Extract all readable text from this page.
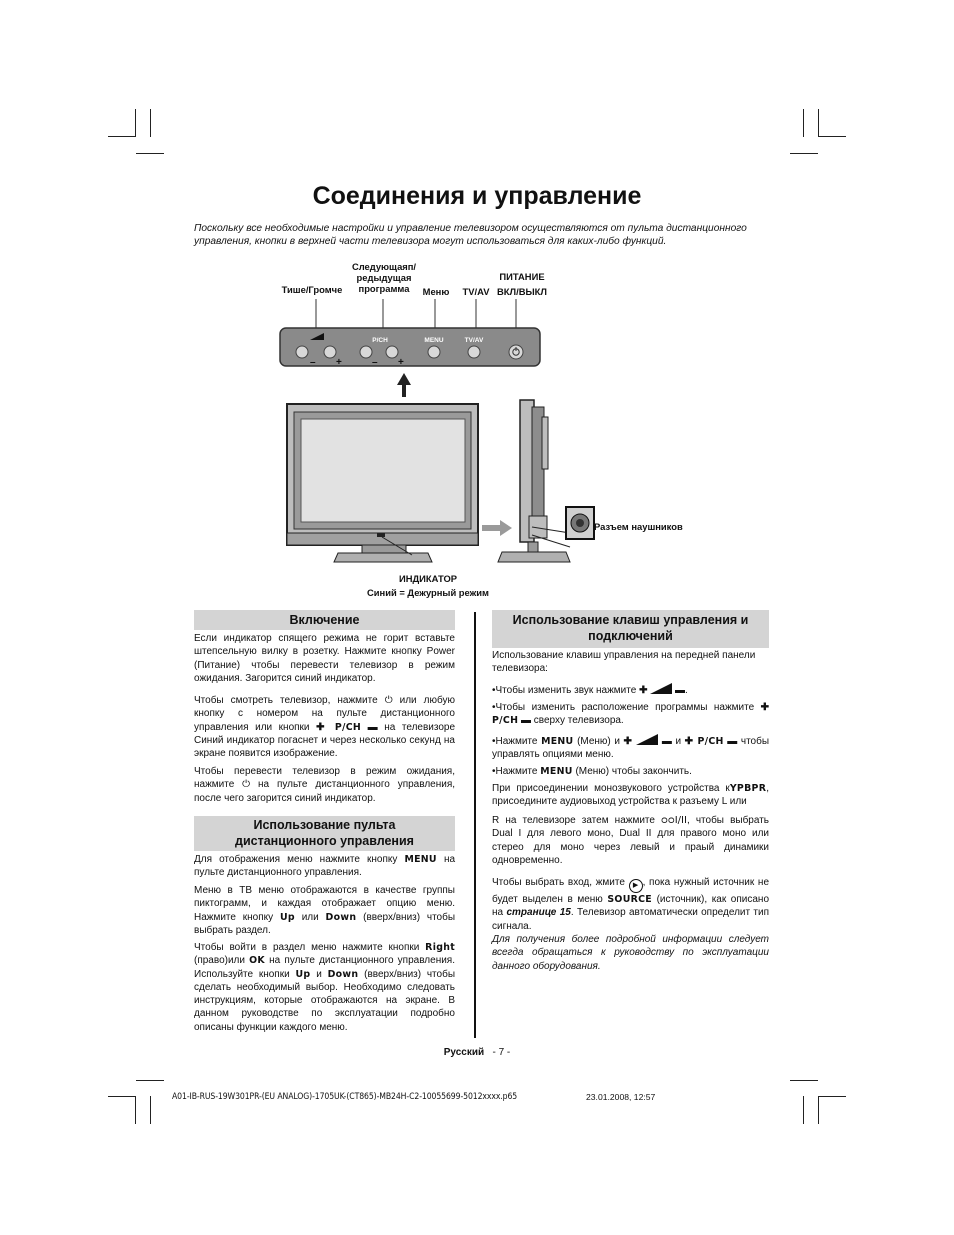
Соединения и управление
Поскольку все необходимые настройки и управление телевизором осуществляются от пульта дистанционного управления, кнопки в верхней части телевизора могут использоваться для каких-либо функций.
Тише/Громче
Следующаяп/
редыдущая
программа	Меню	TV/AV
ПИТАНИЕ
ВКЛ/ВЫКЛ
P/CH	MENU	TV/AV
– +	– +
Разъем наушников
ИНДИКАТОР
Синий = Дежурный режим
Включение
Если индикатор спящего режима не горит вставьте штепсельную вилку в розетку. Нажмите кнопку Power (Питание) чтобы перевести телевизор в режим ожидания. Загорится синий индикатор.
Чтобы смотреть телевизор, нажмите ⏻ или любую кнопку с номером на пульте дистанционного управления или кнопки ✚ P/CH ▬ на телевизоре Синий индикатор погаснет и через несколько секунд на экране появится изображение.
Чтобы перевести телевизор в режим ожидания, нажмите ⏻ на пульте дистанционного управления, после чего загорится синий индикатор.
Использование пульта
дистанционного управления
Для отображения меню нажмите кнопку MENU на пульте дистанционного управления.
Меню в ТВ меню отображаются в качестве группы пиктограмм, и каждая отображает опцию меню. Нажмите кнопку Up или Down (вверх/вниз) чтобы выбрать раздел.
Чтобы войти в раздел меню нажмите кнопки Right (право)или OK на пульте дистанционного управления. Используйте кнопки Up и Down (вверх/вниз) чтобы сделать необходимый выбор. Необходимо следовать инструкциям, которые отображаются на экране. В данном руководстве по эксплуатации подробно описаны функции каждого меню.
Использование клавиш управления и
подключений
Использование клавиш управления на передней панели телевизора:
•Чтобы изменить звук нажмите ✚	▬.
•Чтобы изменить расположение программы нажмите ✚ P/CH ▬ сверху телевизора.
•Нажмите MENU (Меню) и ✚	▬ и ✚ P/CH ▬ чтобы управлять опциями меню.
•Нажмите MENU (Меню) чтобы закончить.
При присоединении монозвукового устройства кYPBPR, присоедините аудиовыход устройства к разъему L или
R на телевизоре затем нажмите ᴑᴑI/II, чтобы выбрать Dual I для левого моно, Dual II для правого моно или стерео для моно через левый и праый динамики одновременно.
Чтобы выбрать вход, жмите ▶ , пока нужный источник не будет выделен в меню SOURCE (источник), как описано на странице 15. Телевизор автоматически определит тип сигнала.
Для получения более подробной информации следует всегда обращаться к руководству по эксплуатации данного оборудования.
Русский - 7 -
A01-IB-RUS-19W301PR-(EU ANALOG)-1705UK-(CT865)-MB24H-C2-10055699-5012xxxx.p65	23.01.2008, 12:57
